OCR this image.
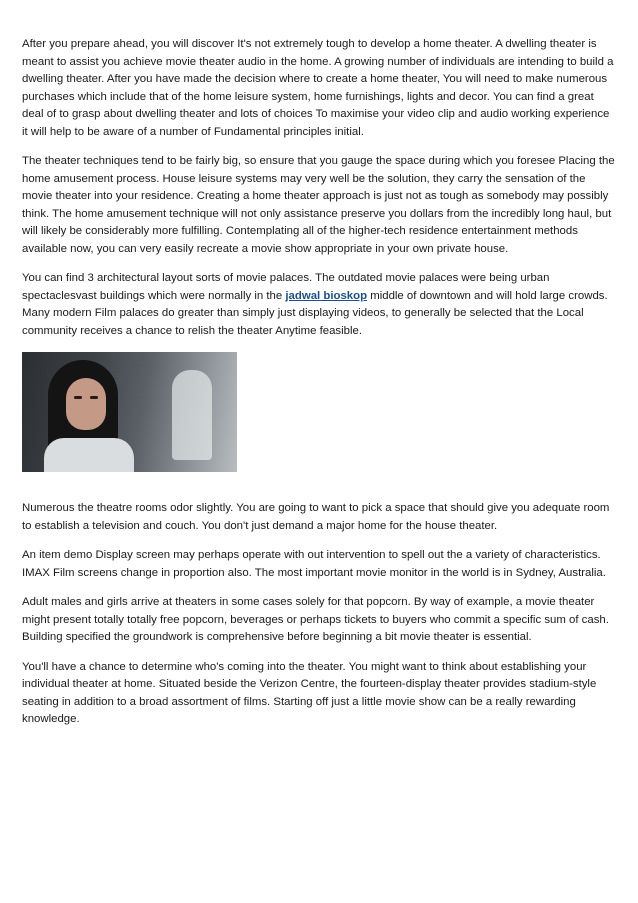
After you prepare ahead, you will discover It's not extremely tough to develop a home theater. A dwelling theater is meant to assist you achieve movie theater audio in the home. A growing number of individuals are intending to build a dwelling theater. After you have made the decision where to create a home theater, You will need to make numerous purchases which include that of the home leisure system, home furnishings, lights and decor. You can find a great deal of to grasp about dwelling theater and lots of choices To maximise your video clip and audio working experience it will help to be aware of a number of Fundamental principles initial.

The theater techniques tend to be fairly big, so ensure that you gauge the space during which you foresee Placing the home amusement process. House leisure systems may very well be the solution, they carry the sensation of the movie theater into your residence. Creating a home theater approach is just not as tough as somebody may possibly think. The home amusement technique will not only assistance preserve you dollars from the incredibly long haul, but will likely be considerably more fulfilling. Contemplating all of the higher-tech residence entertainment methods available now, you can very easily recreate a movie show appropriate in your own private house.

You can find 3 architectural layout sorts of movie palaces. The outdated movie palaces were being urban spectaclesvast buildings which were normally in the jadwal bioskop middle of downtown and will hold large crowds. Many modern Film palaces do greater than simply just displaying videos, to generally be selected that the Local community receives a chance to relish the theater Anytime feasible.

Numerous the theatre rooms odor slightly. You are going to want to pick a space that should give you adequate room to establish a television and couch. You don't just demand a major home for the house theater.

An item demo Display screen may perhaps operate with out intervention to spell out the a variety of characteristics. IMAX Film screens change in proportion also. The most important movie monitor in the world is in Sydney, Australia.

Adult males and girls arrive at theaters in some cases solely for that popcorn. By way of example, a movie theater might present totally totally free popcorn, beverages or perhaps tickets to buyers who commit a specific sum of cash. Building specified the groundwork is comprehensive before beginning a bit movie theater is essential.

You'll have a chance to determine who's coming into the theater. You might want to think about establishing your individual theater at home. Situated beside the Verizon Centre, the fourteen-display theater provides stadium-style seating in addition to a broad assortment of films. Starting off just a little movie show can be a really rewarding knowledge.
